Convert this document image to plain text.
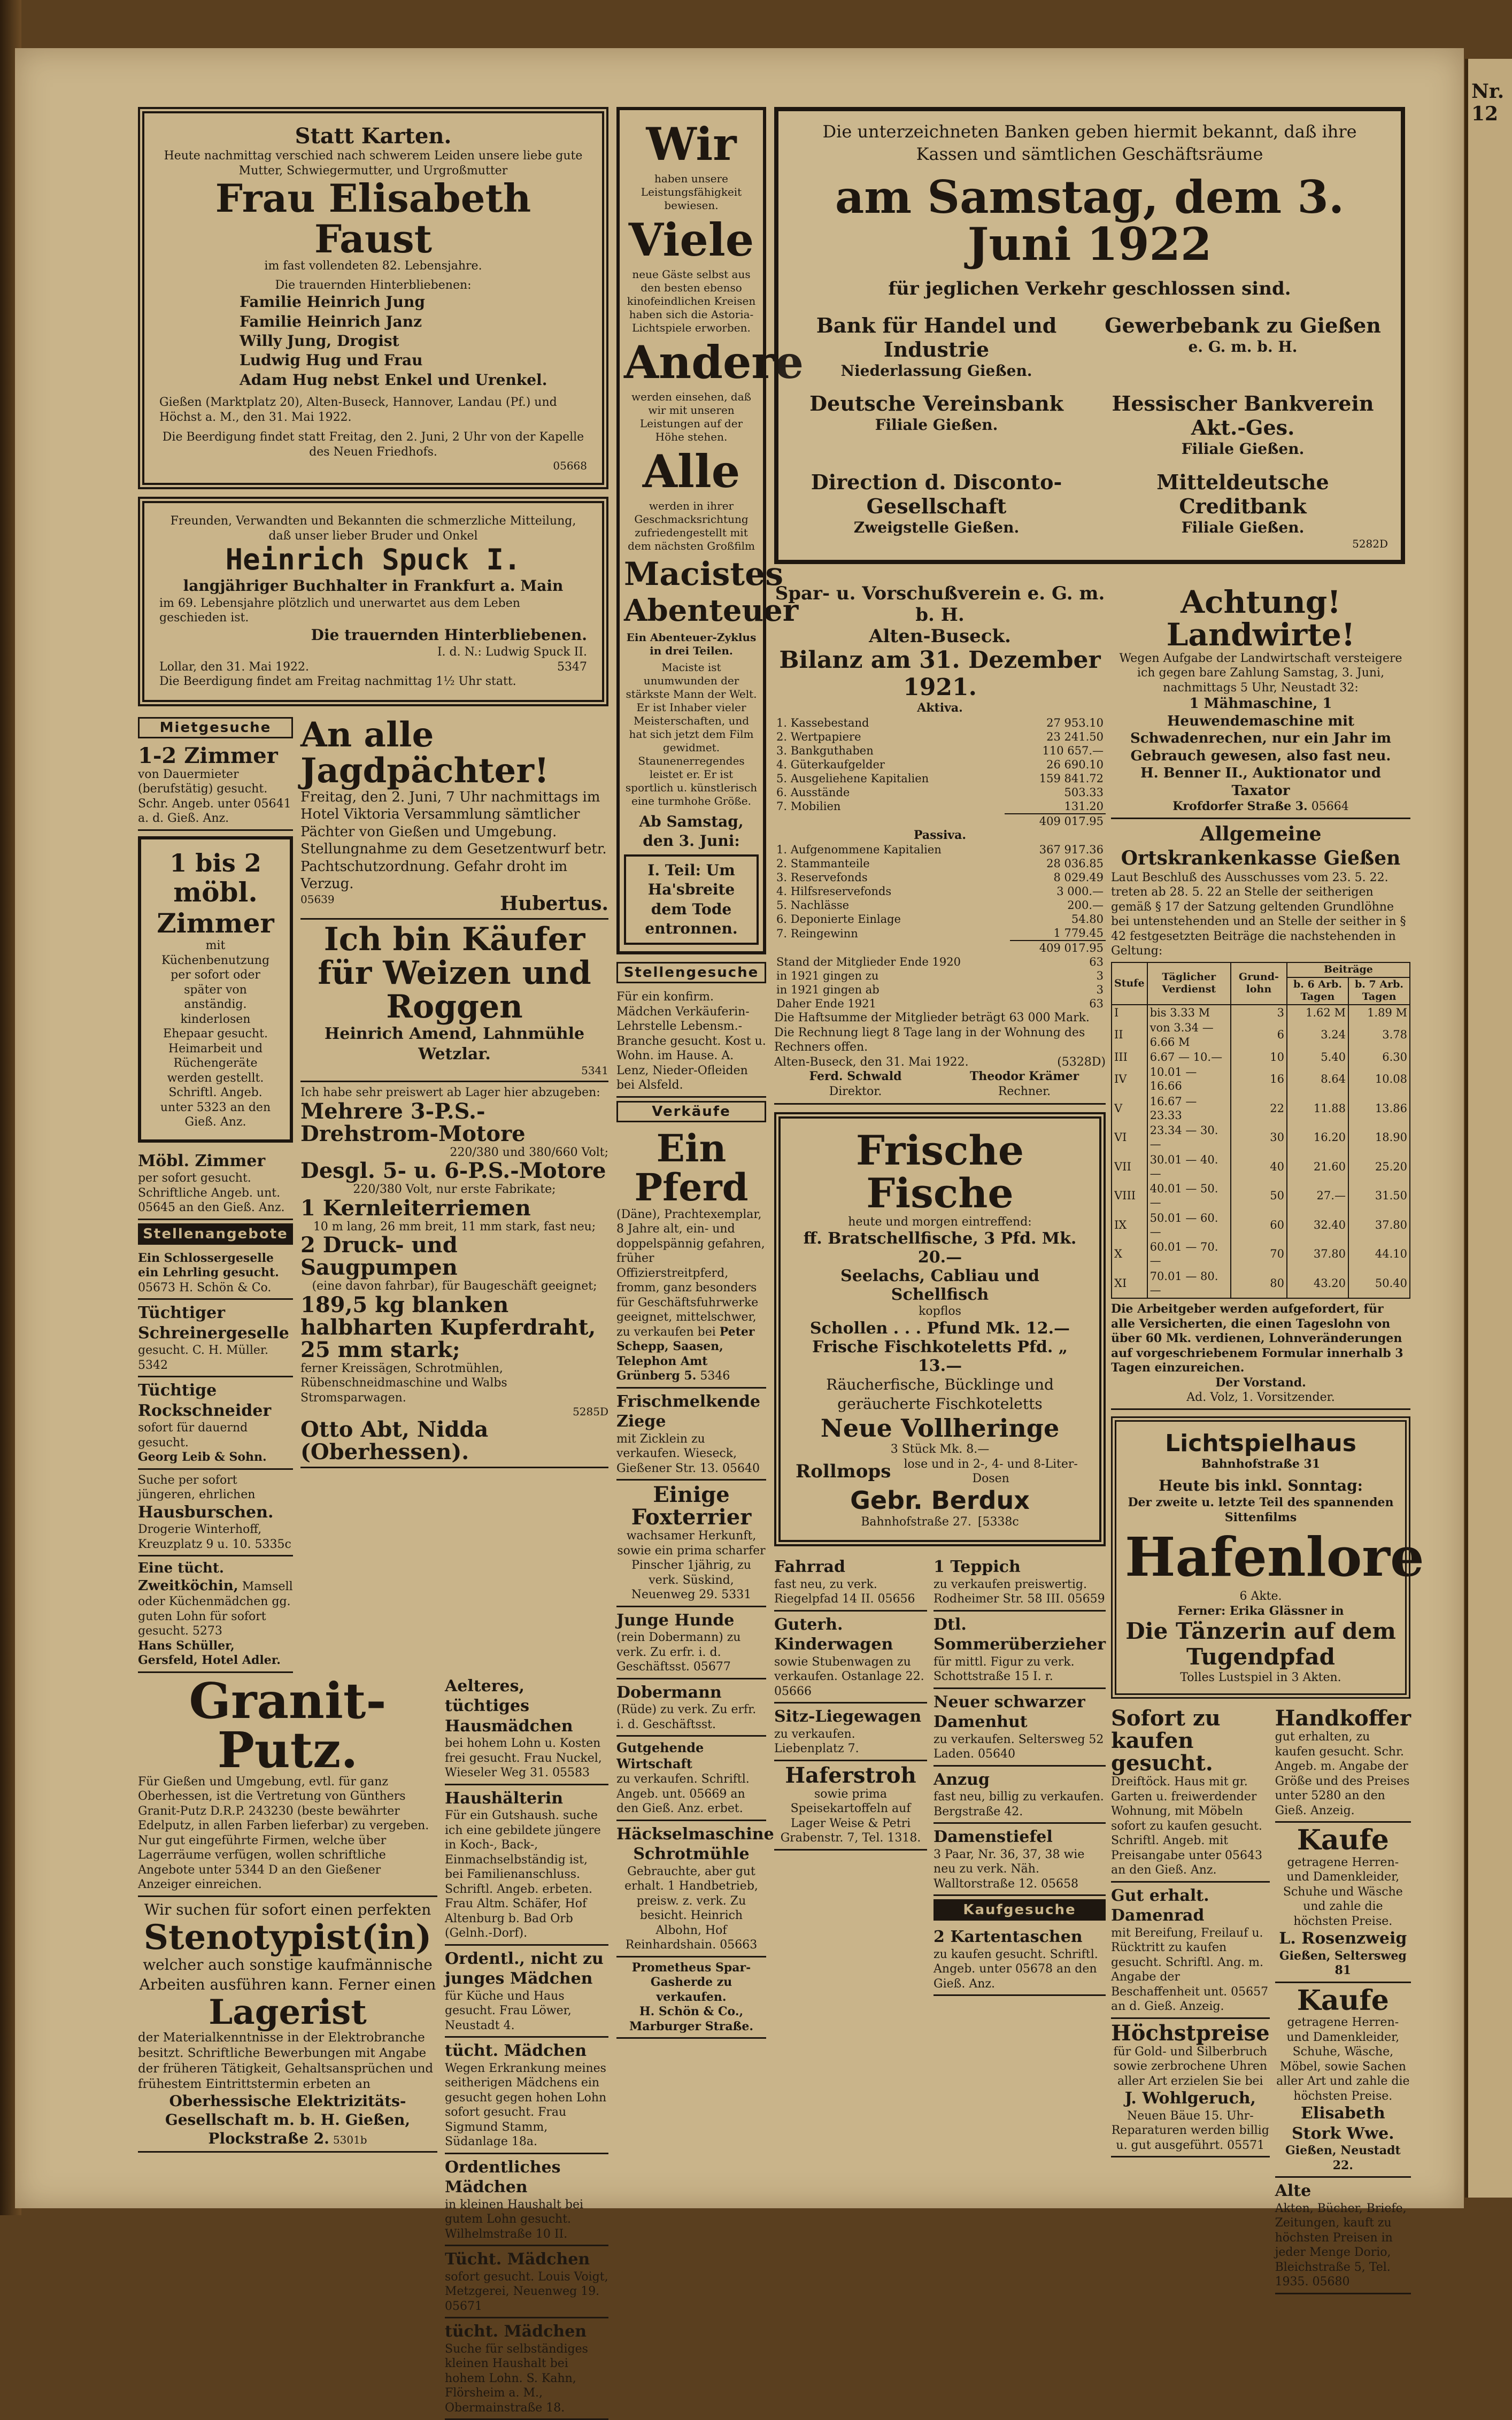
Nr. 12
Statt Karten.
Heute nachmittag verschied nach schwerem Leiden unsere liebe gute Mutter, Schwiegermutter, und Urgroßmutter
Frau Elisabeth Faust
im fast vollendeten 82. Lebensjahre.
Die trauernden Hinterbliebenen:
Familie Heinrich Jung
Familie Heinrich Janz
Willy Jung, Drogist
Ludwig Hug und Frau
Adam Hug nebst Enkel und Urenkel.
Gießen (Marktplatz 20), Alten-Buseck, Hannover, Landau (Pf.) und Höchst a. M., den 31. Mai 1922.
Die Beerdigung findet statt Freitag, den 2. Juni, 2 Uhr von der Kapelle des Neuen Friedhofs.
05668
Freunden, Verwandten und Bekannten die schmerzliche Mitteilung, daß unser lieber Bruder und Onkel
Heinrich Spuck I.
langjähriger Buchhalter in Frankfurt a. Main
im 69. Lebensjahre plötzlich und unerwartet aus dem Leben geschieden ist.
Die trauernden Hinterbliebenen.
I. d. N.: Ludwig Spuck II.
Lollar, den 31. Mai 1922.	5347
Die Beerdigung findet am Freitag nachmittag 1½ Uhr statt.
Mietgesuche
1-2 Zimmer
von Dauermieter (berufstätig) gesucht. Schr. Angeb. unter 05641 a. d. Gieß. Anz.
1 bis 2
möbl. Zimmer
mit Küchenbenutzung per sofort oder später von anständig. kinderlosen Ehepaar gesucht. Heimarbeit und Rüchengeräte werden gestellt. Schriftl. Angeb. unter 5323 an den Gieß. Anz.
Möbl. Zimmer
per sofort gesucht. Schriftliche Angeb. unt. 05645 an den Gieß. Anz.
Stellenangebote
Ein Schlossergeselle ein Lehrling gesucht.
05673 H. Schön & Co.
Tüchtiger Schreinergeselle
gesucht. C. H. Müller. 5342
Tüchtige Rockschneider
sofort für dauernd gesucht.
Georg Leib & Sohn.
Suche per sofort jüngeren, ehrlichen
Hausburschen.
Drogerie Winterhoff, Kreuzplatz 9 u. 10. 5335c
Eine tücht. Zweitköchin, Mamsell oder Küchenmädchen gg. guten Lohn für sofort gesucht. 5273
Hans Schüller, Gersfeld, Hotel Adler.
An alle Jagdpächter!
Freitag, den 2. Juni, 7 Uhr nachmittags im Hotel Viktoria Versammlung sämtlicher Pächter von Gießen und Umgebung. Stellungnahme zu dem Gesetzentwurf betr. Pachtschutzordnung. Gefahr droht im Verzug.
05639	Hubertus.
Ich bin Käufer für Weizen und Roggen
Heinrich Amend, Lahnmühle
Wetzlar.
5341
Ich habe sehr preiswert ab Lager hier abzugeben:
Mehrere 3-P.S.-Drehstrom-Motore
220/380 und 380/660 Volt;
Desgl. 5- u. 6-P.S.-Motore
220/380 Volt, nur erste Fabrikate;
1 Kernleiterriemen
10 m lang, 26 mm breit, 11 mm stark, fast neu;
2 Druck- und Saugpumpen
(eine davon fahrbar), für Baugeschäft geeignet;
189,5 kg blanken halbharten Kupferdraht, 25 mm stark;
ferner Kreissägen, Schrotmühlen, Rübenschneidmaschine und Walbs Stromsparwagen.
5285D
Otto Abt, Nidda (Oberhessen).
Granit-Putz.
Für Gießen und Umgebung, evtl. für ganz Oberhessen, ist die Vertretung von Günthers Granit-Putz D.R.P. 243230 (beste bewährter Edelputz, in allen Farben lieferbar) zu vergeben. Nur gut eingeführte Firmen, welche über Lagerräume verfügen, wollen schriftliche Angebote unter 5344 D an den Gießener Anzeiger einreichen.
Wir suchen für sofort einen perfekten
Stenotypist(in)
welcher auch sonstige kaufmännische Arbeiten ausführen kann. Ferner einen
Lagerist
der Materialkenntnisse in der Elektrobranche besitzt. Schriftliche Bewerbungen mit Angabe der früheren Tätigkeit, Gehaltsansprüchen und frühestem Eintrittstermin erbeten an
Oberhessische Elektrizitäts-Gesellschaft m. b. H. Gießen, Plockstraße 2. 5301b
Aelteres, tüchtiges Hausmädchen
bei hohem Lohn u. Kosten frei gesucht. Frau Nuckel, Wieseler Weg 31. 05583
Haushälterin
Für ein Gutshaush. suche ich eine gebildete jüngere in Koch-, Back-, Einmachselbständig ist, bei Familienanschluss. Schriftl. Angeb. erbeten. Frau Altm. Schäfer, Hof Altenburg b. Bad Orb (Gelnh.-Dorf).
Ordentl., nicht zu junges Mädchen
für Küche und Haus gesucht. Frau Löwer, Neustadt 4.
tücht. Mädchen
Wegen Erkrankung meines seitherigen Mädchens ein gesucht gegen hohen Lohn sofort gesucht. Frau Sigmund Stamm, Südanlage 18a.
Ordentliches Mädchen
in kleinen Haushalt bei gutem Lohn gesucht. Wilhelmstraße 10 II.
Tücht. Mädchen
sofort gesucht. Louis Voigt, Metzgerei, Neuenweg 19. 05671
tücht. Mädchen
Suche für selbständiges kleinen Haushalt bei hohem Lohn. S. Kahn, Flörsheim a. M., Obermainstraße 18.
Wir
haben unsere Leistungsfähigkeit bewiesen.
Viele
neue Gäste selbst aus den besten ebenso kinofeindlichen Kreisen haben sich die Astoria-Lichtspiele erworben.
Andere
werden einsehen, daß wir mit unseren Leistungen auf der Höhe stehen.
Alle
werden in ihrer Geschmacksrichtung zufriedengestellt mit dem nächsten Großfilm
Macistes
Abenteuer
Ein Abenteuer-Zyklus in drei Teilen.
Maciste ist unumwunden der stärkste Mann der Welt. Er ist Inhaber vieler Meisterschaften, und hat sich jetzt dem Film gewidmet. Staunenerregendes leistet er. Er ist sportlich u. künstlerisch eine turmhohe Größe.
Ab Samstag, den 3. Juni:
I. Teil: Um Ha'sbreite dem Tode entronnen.
Stellengesuche
Für ein konfirm. Mädchen Verkäuferin-Lehrstelle Lebensm.-Branche gesucht. Kost u. Wohn. im Hause. A. Lenz, Nieder-Ofleiden bei Alsfeld.
Verkäufe
Ein Pferd
(Däne), Prachtexemplar, 8 Jahre alt, ein- und doppelspännig gefahren, früher Offizierstreitpferd, fromm, ganz besonders für Geschäftsfuhrwerke geeignet, mittelschwer, zu verkaufen bei Peter Schepp, Saasen, Telephon Amt Grünberg 5. 5346
Frischmelkende Ziege
mit Zicklein zu verkaufen. Wieseck, Gießener Str. 13. 05640
Einige Foxterrier
wachsamer Herkunft, sowie ein prima scharfer Pinscher 1jährig, zu verk. Süskind, Neuenweg 29. 5331
Junge Hunde
(rein Dobermann) zu verk. Zu erfr. i. d. Geschäftsst. 05677
Dobermann
(Rüde) zu verk. Zu erfr. i. d. Geschäftsst.
Gutgehende Wirtschaft
zu verkaufen. Schriftl. Angeb. unt. 05669 an den Gieß. Anz. erbet.
Häckselmaschine
Schrotmühle
Gebrauchte, aber gut erhalt. 1 Handbetrieb, preisw. z. verk. Zu besicht. Heinrich Albohn, Hof Reinhardshain. 05663
Prometheus Spar-Gasherde zu verkaufen.
H. Schön & Co., Marburger Straße.
Die unterzeichneten Banken geben hiermit bekannt, daß ihre Kassen und sämtlichen Geschäftsräume
am Samstag, dem 3. Juni 1922
für jeglichen Verkehr geschlossen sind.
Bank für Handel und Industrie
Niederlassung Gießen.
Gewerbebank zu Gießen
e. G. m. b. H.
Deutsche Vereinsbank
Filiale Gießen.
Hessischer Bankverein Akt.-Ges.
Filiale Gießen.
Direction d. Disconto-Gesellschaft
Zweigstelle Gießen.
Mitteldeutsche Creditbank
Filiale Gießen.
5282D
Spar- u. Vorschußverein e. G. m. b. H.
Alten-Buseck.
Bilanz am 31. Dezember 1921.
Aktiva.
1. Kassebestand	27 953.10
2. Wertpapiere	23 241.50
3. Bankguthaben	110 657.—
4. Güterkaufgelder	26 690.10
5. Ausgeliehene Kapitalien	159 841.72
6. Ausstände	503.33
7. Mobilien	131.20
	409 017.95
Passiva.
1. Aufgenommene Kapitalien	367 917.36
2. Stammanteile	28 036.85
3. Reservefonds	8 029.49
4. Hilfsreservefonds	3 000.—
5. Nachlässe	200.—
6. Deponierte Einlage	54.80
7. Reingewinn	1 779.45
	409 017.95
Stand der Mitglieder Ende 1920	63
in 1921 gingen zu	3
in 1921 gingen ab	3
Daher Ende 1921	63
Die Haftsumme der Mitglieder beträgt 63 000 Mark.
Die Rechnung liegt 8 Tage lang in der Wohnung des Rechners offen.
Alten-Buseck, den 31. Mai 1922.	(5328D)
Ferd. Schwald
Direktor.
Theodor Krämer
Rechner.
Frische Fische
heute und morgen eintreffend:
ff. Bratschellfische, 3 Pfd. Mk. 20.—
Seelachs, Cabliau und Schellfisch
kopflos
Schollen . . . Pfund Mk. 12.—
Frische Fischkoteletts Pfd. „ 13.—
Räucherfische, Bücklinge und geräucherte Fischkoteletts
Neue Vollheringe
3 Stück Mk. 8.—
Rollmops	lose und in 2-, 4- und 8-Liter-Dosen
Gebr. Berdux
Bahnhofstraße 27. [5338c
Fahrrad
fast neu, zu verk. Riegelpfad 14 II. 05656
Guterh. Kinderwagen
sowie Stubenwagen zu verkaufen. Ostanlage 22. 05666
Sitz-Liegewagen
zu verkaufen. Liebenplatz 7.
Haferstroh
sowie prima Speisekartoffeln auf Lager Weise & Petri Grabenstr. 7, Tel. 1318.
1 Teppich
zu verkaufen preiswertig. Rodheimer Str. 58 III. 05659
Dtl. Sommerüberzieher
für mittl. Figur zu verk. Schottstraße 15 I. r.
Neuer schwarzer Damenhut
zu verkaufen. Seltersweg 52 Laden. 05640
Anzug
fast neu, billig zu verkaufen. Bergstraße 42.
Damenstiefel
3 Paar, Nr. 36, 37, 38 wie neu zu verk. Näh. Walltorstraße 12. 05658
Kaufgesuche
2 Kartentaschen
zu kaufen gesucht. Schriftl. Angeb. unter 05678 an den Gieß. Anz.
Achtung! Landwirte!
Wegen Aufgabe der Landwirtschaft versteigere ich gegen bare Zahlung Samstag, 3. Juni, nachmittags 5 Uhr, Neustadt 32:
1 Mähmaschine, 1 Heuwendemaschine mit Schwadenrechen, nur ein Jahr im Gebrauch gewesen, also fast neu.
H. Benner II., Auktionator und Taxator
Krofdorfer Straße 3. 05664
Allgemeine Ortskrankenkasse Gießen
Laut Beschluß des Ausschusses vom 23. 5. 22. treten ab 28. 5. 22 an Stelle der seitherigen gemäß § 17 der Satzung geltenden Grundlöhne bei untenstehenden und an Stelle der seither in § 42 festgesetzten Beiträge die nachstehenden in Geltung:
Stufe	Täglicher Verdienst	Grund-lohn	Beiträge	
			b. 6 Arb. Tagen	b. 7 Arb. Tagen
I	bis 3.33 M	3	1.62 M	1.89 M
II	von 3.34 — 6.66 M	6	3.24	3.78
III	6.67 — 10.—	10	5.40	6.30
IV	10.01 — 16.66	16	8.64	10.08
V	16.67 — 23.33	22	11.88	13.86
VI	23.34 — 30.—	30	16.20	18.90
VII	30.01 — 40.—	40	21.60	25.20
VIII	40.01 — 50.—	50	27.—	31.50
IX	50.01 — 60.—	60	32.40	37.80
X	60.01 — 70.—	70	37.80	44.10
XI	70.01 — 80.—	80	43.20	50.40
Die Arbeitgeber werden aufgefordert, für alle Versicherten, die einen Tageslohn von über 60 Mk. verdienen, Lohnveränderungen auf vorgeschriebenem Formular innerhalb 3 Tagen einzureichen.
Der Vorstand.
Ad. Volz, 1. Vorsitzender.
Lichtspielhaus
Bahnhofstraße 31
Heute bis inkl. Sonntag:
Der zweite u. letzte Teil des spannenden Sittenfilms
Hafenlore
6 Akte.
Ferner: Erika Glässner in
Die Tänzerin auf dem Tugendpfad
Tolles Lustspiel in 3 Akten.
Sofort zu kaufen gesucht.
Dreiftöck. Haus mit gr. Garten u. freiwerdender Wohnung, mit Möbeln sofort zu kaufen gesucht. Schriftl. Angeb. mit Preisangabe unter 05643 an den Gieß. Anz.
Gut erhalt. Damenrad
mit Bereifung, Freilauf u. Rücktritt zu kaufen gesucht. Schriftl. Ang. m. Angabe der Beschaffenheit unt. 05657 an d. Gieß. Anzeig.
Höchstpreise
für Gold- und Silberbruch sowie zerbrochene Uhren aller Art erzielen Sie bei
J. Wohlgeruch,
Neuen Bäue 15. Uhr-Reparaturen werden billig u. gut ausgeführt. 05571
Handkoffer
gut erhalten, zu kaufen gesucht. Schr. Angeb. m. Angabe der Größe und des Preises unter 5280 an den Gieß. Anzeig.
Kaufe
getragene Herren- und Damenkleider, Schuhe und Wäsche und zahle die höchsten Preise.
L. Rosenzweig
Gießen, Seltersweg 81
Kaufe
getragene Herren- und Damenkleider, Schuhe, Wäsche, Möbel, sowie Sachen aller Art und zahle die höchsten Preise.
Elisabeth Stork Wwe.
Gießen, Neustadt 22.
Alte
Akten, Bücher, Briefe, Zeitungen, kauft zu höchsten Preisen in jeder Menge Dorio, Bleichstraße 5, Tel. 1935. 05680
